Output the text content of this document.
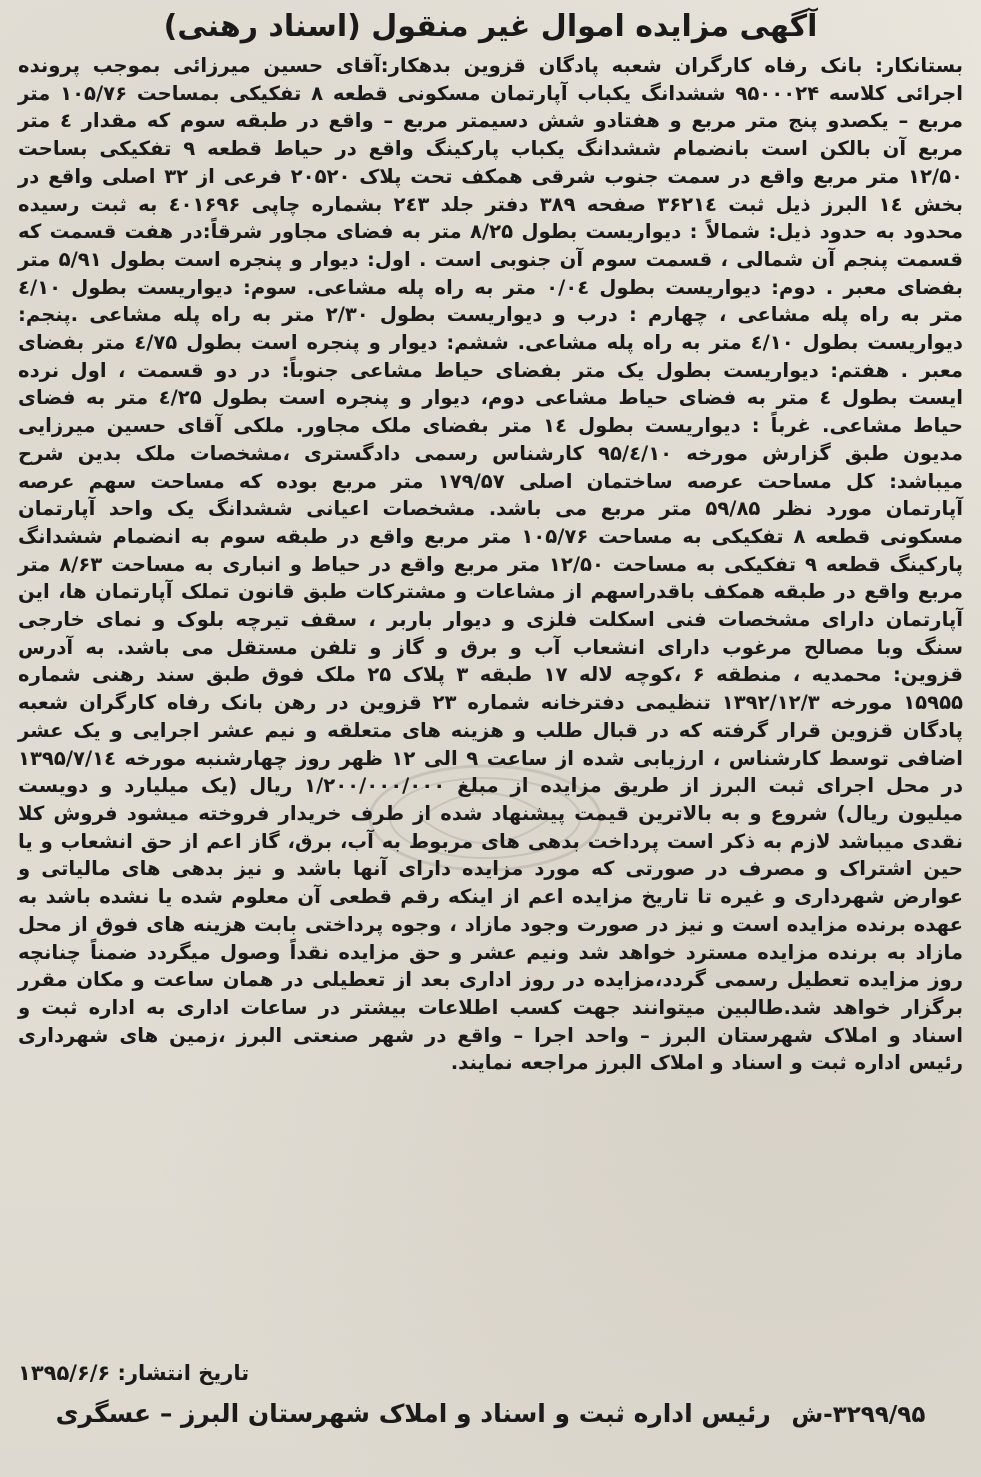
آگهی مزایده اموال غیر منقول (اسناد رهنی)

بستانکار: بانک رفاه کارگران شعبه پادگان قزوین بدهکار:آقای حسین میرزائی بموجب پرونده اجرائی کلاسه ۹۵۰۰۰۲۴ ششدانگ یکباب آپارتمان مسکونی قطعه ۸ تفکیکی بمساحت ۱۰۵/۷۶ متر مربع – یکصدو پنج متر مربع و هفتادو شش دسیمتر مربع – واقع در طبقه سوم که مقدار ٤ متر مربع آن بالکن است بانضمام ششدانگ یکباب پارکینگ واقع در حیاط قطعه ۹ تفکیکی بساحت ۱۲/۵۰ متر مربع واقع در سمت جنوب شرقی همکف تحت پلاک ۲۰۵۲۰ فرعی از ۳۲ اصلی واقع در بخش ۱٤ البرز ذیل ثبت ۳۶۲۱٤ صفحه ۳۸۹ دفتر جلد ۲٤۳ بشماره چاپی ٤۰۱۶۹۶ به ثبت رسیده محدود به حدود ذیل: شمالاً : دیواریست بطول ۸/۲۵ متر به فضای مجاور شرقاً:در هفت قسمت که قسمت پنجم آن شمالی ، قسمت سوم آن جنوبی است . اول: دیوار و پنجره است بطول ۵/۹۱ متر بفضای معبر . دوم: دیواریست بطول ۰/۰٤ متر به راه پله مشاعی. سوم: دیواریست بطول ٤/۱۰ متر به راه پله مشاعی ، چهارم : درب و دیواریست بطول ۲/۳۰ متر به راه پله مشاعی .پنجم: دیواریست بطول ٤/۱۰ متر به راه پله مشاعی. ششم: دیوار و پنجره است بطول ٤/۷۵ متر بفضای معبر . هفتم: دیواریست بطول یک متر بفضای حیاط مشاعی جنوباً: در دو قسمت ، اول نرده ایست بطول ٤ متر به فضای حیاط مشاعی دوم، دیوار و پنجره است بطول ٤/۲۵ متر به فضای حیاط مشاعی. غرباً : دیواریست بطول ۱٤ متر بفضای ملک مجاور. ملکی آقای حسین میرزایی مدیون طبق گزارش مورخه ۹۵/٤/۱۰ کارشناس رسمی دادگستری ،مشخصات ملک بدین شرح میباشد: کل مساحت عرصه ساختمان اصلی ۱۷۹/۵۷ متر مربع بوده که مساحت سهم عرصه آپارتمان مورد نظر ۵۹/۸۵ متر مربع می باشد. مشخصات اعیانی ششدانگ یک واحد آپارتمان مسکونی قطعه ۸ تفکیکی به مساحت ۱۰۵/۷۶ متر مربع واقع در طبقه سوم به انضمام ششدانگ پارکینگ قطعه ۹ تفکیکی به مساحت ۱۲/۵۰ متر مربع واقع در حیاط و انباری به مساحت ۸/۶۳ متر مربع واقع در طبقه همکف باقدراسهم از مشاعات و مشترکات طبق قانون تملک آپارتمان ها، این آپارتمان دارای مشخصات فنی اسکلت فلزی و دیوار باربر ، سقف تیرچه بلوک و نمای خارجی سنگ وبا مصالح مرغوب دارای انشعاب آب و برق و گاز و تلفن مستقل می باشد. به آدرس قزوین: محمدیه ، منطقه ۶ ،کوچه لاله ۱۷ طبقه ۳ پلاک ۲۵ ملک فوق طبق سند رهنی شماره ۱۵۹۵۵ مورخه ۱۳۹۲/۱۲/۳ تنظیمی دفترخانه شماره ۲۳ قزوین در رهن بانک رفاه کارگران شعبه پادگان قزوین قرار گرفته که در قبال طلب و هزینه های متعلقه و نیم عشر اجرایی و یک عشر اضافی توسط کارشناس ، ارزیابی شده از ساعت ۹ الی ۱۲ ظهر روز چهارشنبه مورخه ۱۳۹۵/۷/۱٤ در محل اجرای ثبت البرز از طریق مزایده از مبلغ ۱/۲۰۰/۰۰۰/۰۰۰ ریال (یک میلیارد و دویست میلیون ریال) شروع و به بالاترین قیمت پیشنهاد شده از طرف خریدار فروخته میشود فروش کلا نقدی میباشد لازم به ذکر است پرداخت بدهی های مربوط به آب، برق، گاز اعم از حق انشعاب و یا حین اشتراک و مصرف در صورتی که مورد مزایده دارای آنها باشد و نیز بدهی های مالیاتی و عوارض شهرداری و غیره تا تاریخ مزایده اعم از اینکه رقم قطعی آن معلوم شده یا نشده باشد به عهده برنده مزایده است و نیز در صورت وجود مازاد ، وجوه پرداختی بابت هزینه های فوق از محل مازاد به برنده مزایده مسترد خواهد شد ونیم عشر و حق مزایده نقداً وصول میگردد ضمناً چنانچه روز مزایده تعطیل رسمی گردد،مزایده در روز اداری بعد از تعطیلی در همان ساعت و مکان مقرر برگزار خواهد شد.طالبین میتوانند جهت کسب اطلاعات بیشتر در ساعات اداری به اداره ثبت و اسناد و املاک شهرستان البرز – واحد اجرا – واقع در شهر صنعتی البرز ،زمین های شهرداری رئیس اداره ثبت و اسناد و املاک البرز مراجعه نمایند.

تاریخ انتشار: ۱۳۹۵/۶/۶
۳۲۹۹/۹۵-ش رئیس اداره ثبت و اسناد و املاک شهرستان البرز – عسگری
